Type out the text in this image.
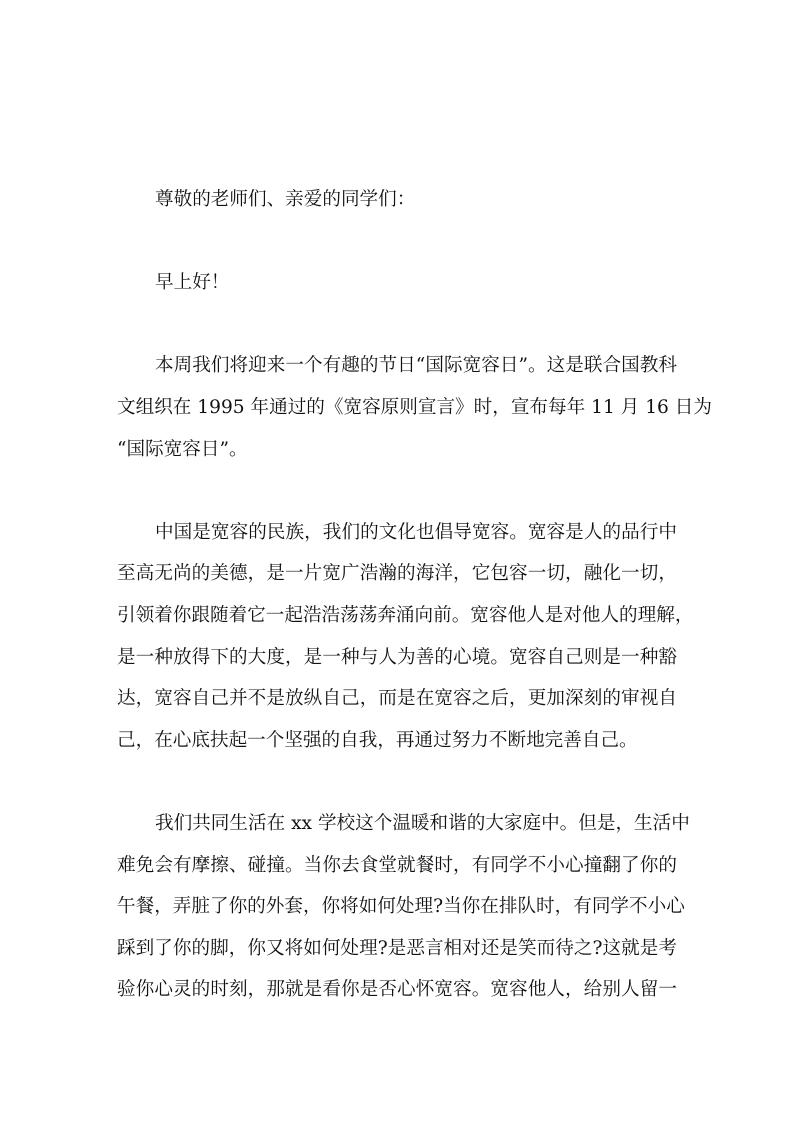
尊敬的老师们、亲爱的同学们：

早上好！

本周我们将迎来一个有趣的节日“国际宽容日”。这是联合国教科
文组织在 1995 年通过的《宽容原则宣言》时，宣布每年 11 月 16 日为
“国际宽容日”。

中国是宽容的民族，我们的文化也倡导宽容。宽容是人的品行中
至高无尚的美德，是一片宽广浩瀚的海洋，它包容一切，融化一切，
引领着你跟随着它一起浩浩荡荡奔涌向前。宽容他人是对他人的理解，
是一种放得下的大度，是一种与人为善的心境。宽容自己则是一种豁
达，宽容自己并不是放纵自己，而是在宽容之后，更加深刻的审视自
己，在心底扶起一个坚强的自我，再通过努力不断地完善自己。

我们共同生活在 xx 学校这个温暖和谐的大家庭中。但是，生活中
难免会有摩擦、碰撞。当你去食堂就餐时，有同学不小心撞翻了你的
午餐，弄脏了你的外套，你将如何处理?当你在排队时，有同学不小心
踩到了你的脚，你又将如何处理?是恶言相对还是笑而待之?这就是考
验你心灵的时刻，那就是看你是否心怀宽容。宽容他人，给别人留一
